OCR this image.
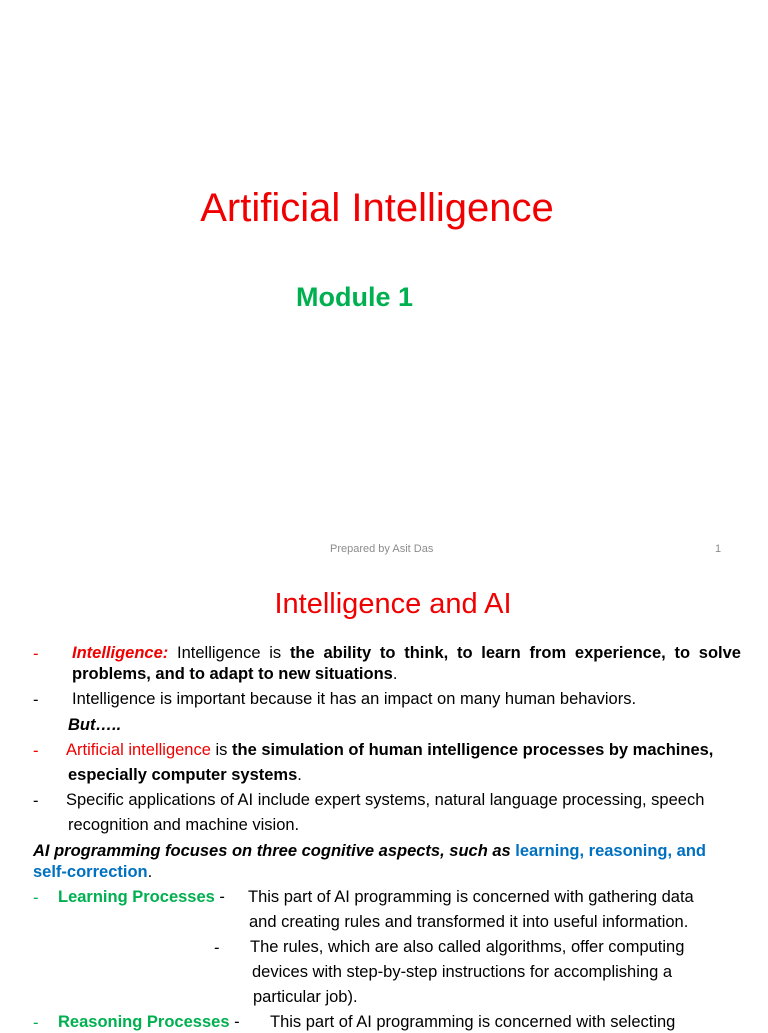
Artificial Intelligence
Module 1
Prepared by Asit Das	1
Intelligence and AI
- Intelligence: Intelligence is the ability to think, to learn from experience, to solve
problems, and to adapt to new situations.
- Intelligence is important because it has an impact on many human behaviors.
But…..
- Artificial intelligence is the simulation of human intelligence processes by machines,
especially computer systems.
- Specific applications of AI include expert systems, natural language processing, speech
recognition and machine vision.
AI programming focuses on three cognitive aspects, such as learning, reasoning, and
self-correction.
- Learning Processes - This part of AI programming is concerned with gathering data
and creating rules and transformed it into useful information.
- The rules, which are also called algorithms, offer computing
devices with step-by-step instructions for accomplishing a
particular job).
- Reasoning Processes - This part of AI programming is concerned with selecting
